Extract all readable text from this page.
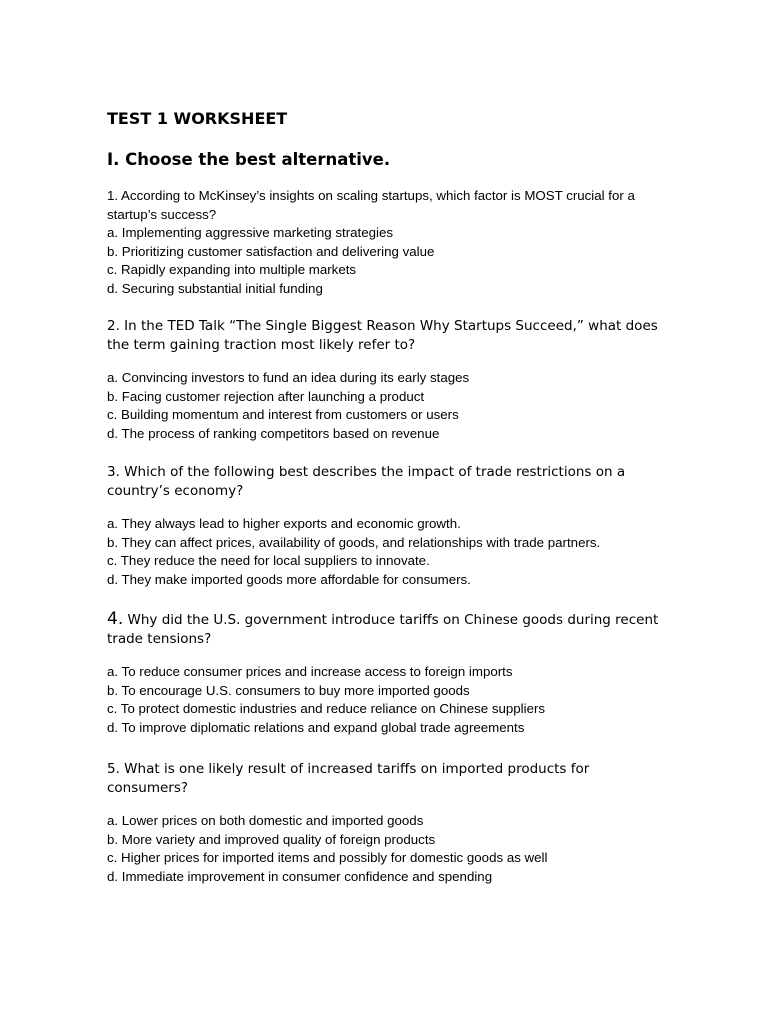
TEST 1 WORKSHEET
I. Choose the best alternative.

1. According to McKinsey’s insights on scaling startups, which factor is MOST crucial for a startup’s success?

a. Implementing aggressive marketing strategies
b. Prioritizing customer satisfaction and delivering value
c. Rapidly expanding into multiple markets
d. Securing substantial initial funding

2. In the TED Talk “The Single Biggest Reason Why Startups Succeed,” what does the term gaining traction most likely refer to?

a. Convincing investors to fund an idea during its early stages
b. Facing customer rejection after launching a product
c. Building momentum and interest from customers or users
d. The process of ranking competitors based on revenue

3. Which of the following best describes the impact of trade restrictions on a country’s economy?

a. They always lead to higher exports and economic growth.
b. They can affect prices, availability of goods, and relationships with trade partners.
c. They reduce the need for local suppliers to innovate.
d. They make imported goods more affordable for consumers.

4. Why did the U.S. government introduce tariffs on Chinese goods during recent trade tensions?

a. To reduce consumer prices and increase access to foreign imports
b. To encourage U.S. consumers to buy more imported goods
c. To protect domestic industries and reduce reliance on Chinese suppliers
d. To improve diplomatic relations and expand global trade agreements

5. What is one likely result of increased tariffs on imported products for consumers?

a. Lower prices on both domestic and imported goods
b. More variety and improved quality of foreign products
c. Higher prices for imported items and possibly for domestic goods as well
d. Immediate improvement in consumer confidence and spending
